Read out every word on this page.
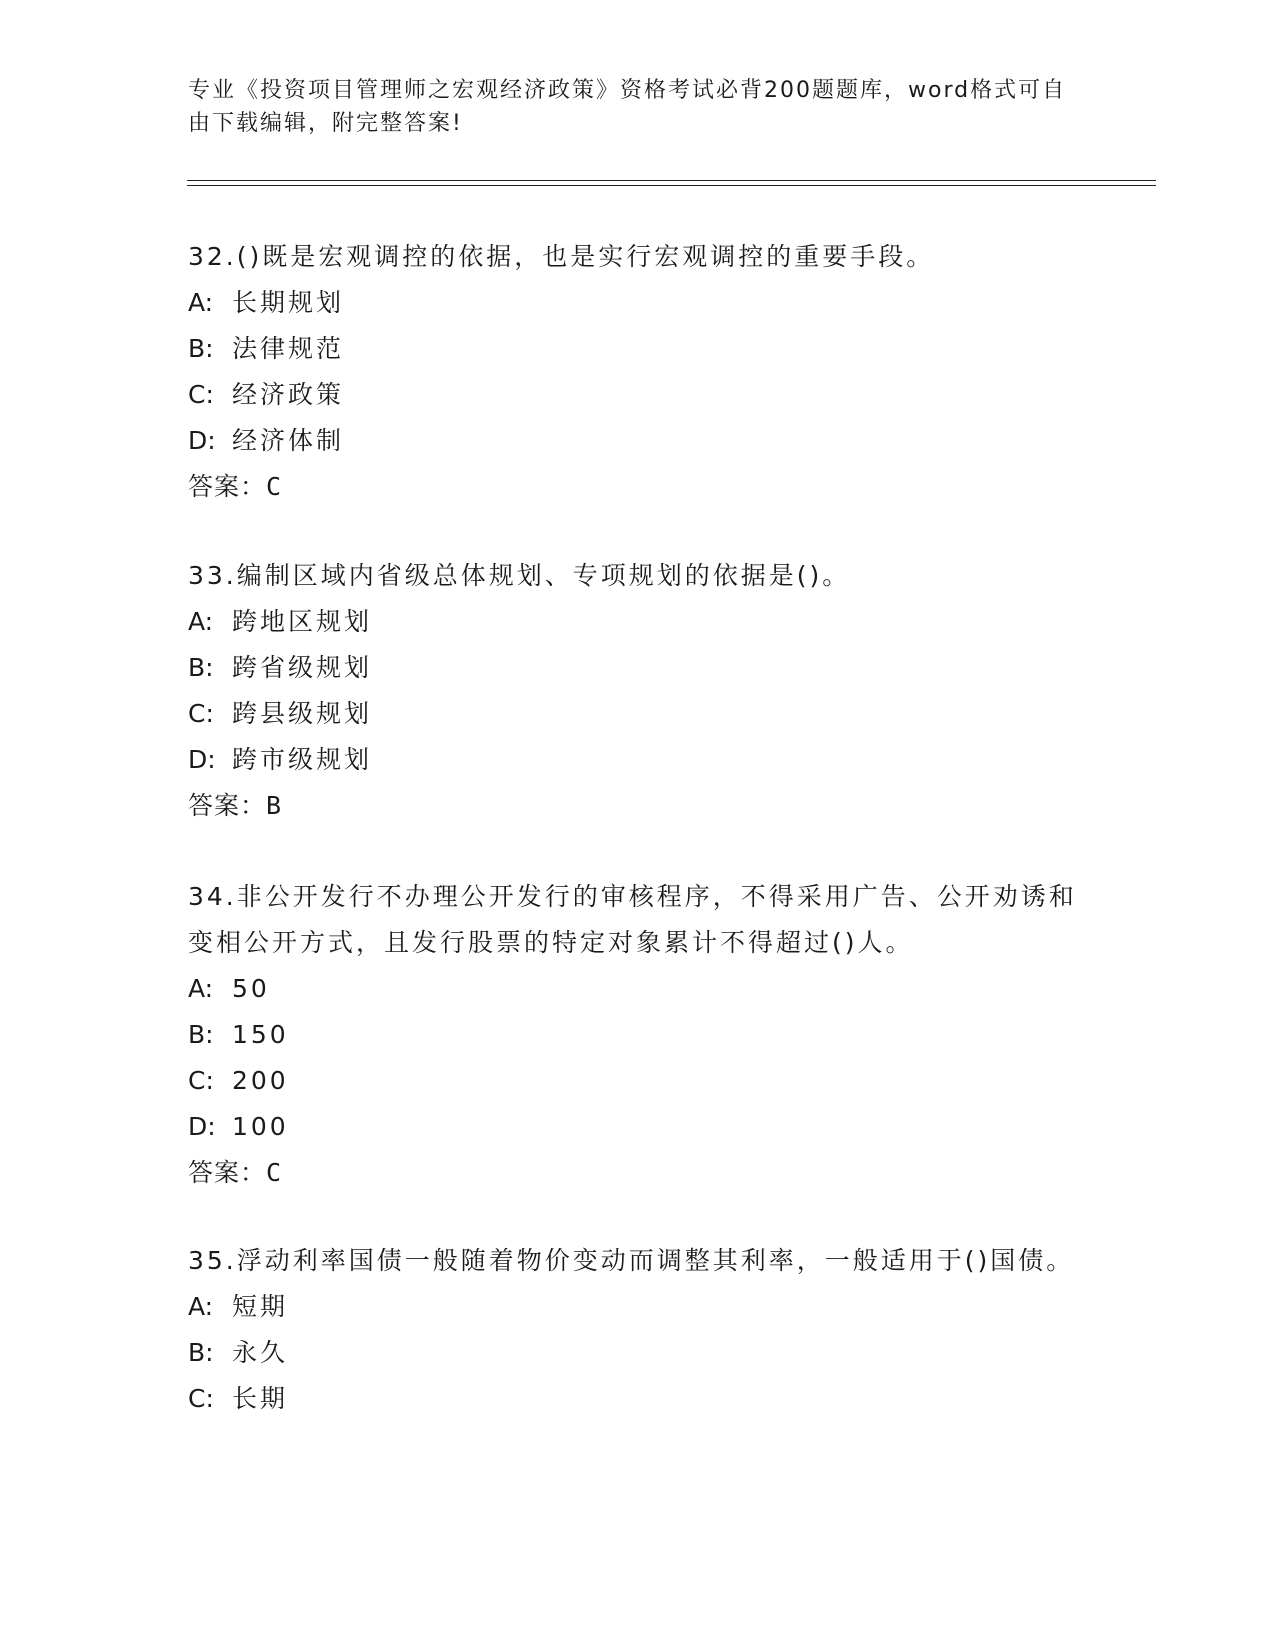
专业《投资项目管理师之宏观经济政策》资格考试必背200题题库，word格式可自由下载编辑，附完整答案!
32.()既是宏观调控的依据，也是实行宏观调控的重要手段。
A: 长期规划
B: 法律规范
C: 经济政策
D: 经济体制
答案：C
33.编制区域内省级总体规划、专项规划的依据是()。
A: 跨地区规划
B: 跨省级规划
C: 跨县级规划
D: 跨市级规划
答案：B
34.非公开发行不办理公开发行的审核程序，不得采用广告、公开劝诱和变相公开方式，且发行股票的特定对象累计不得超过()人。
A: 50
B: 150
C: 200
D: 100
答案：C
35.浮动利率国债一般随着物价变动而调整其利率，一般适用于()国债。
A: 短期
B: 永久
C: 长期
